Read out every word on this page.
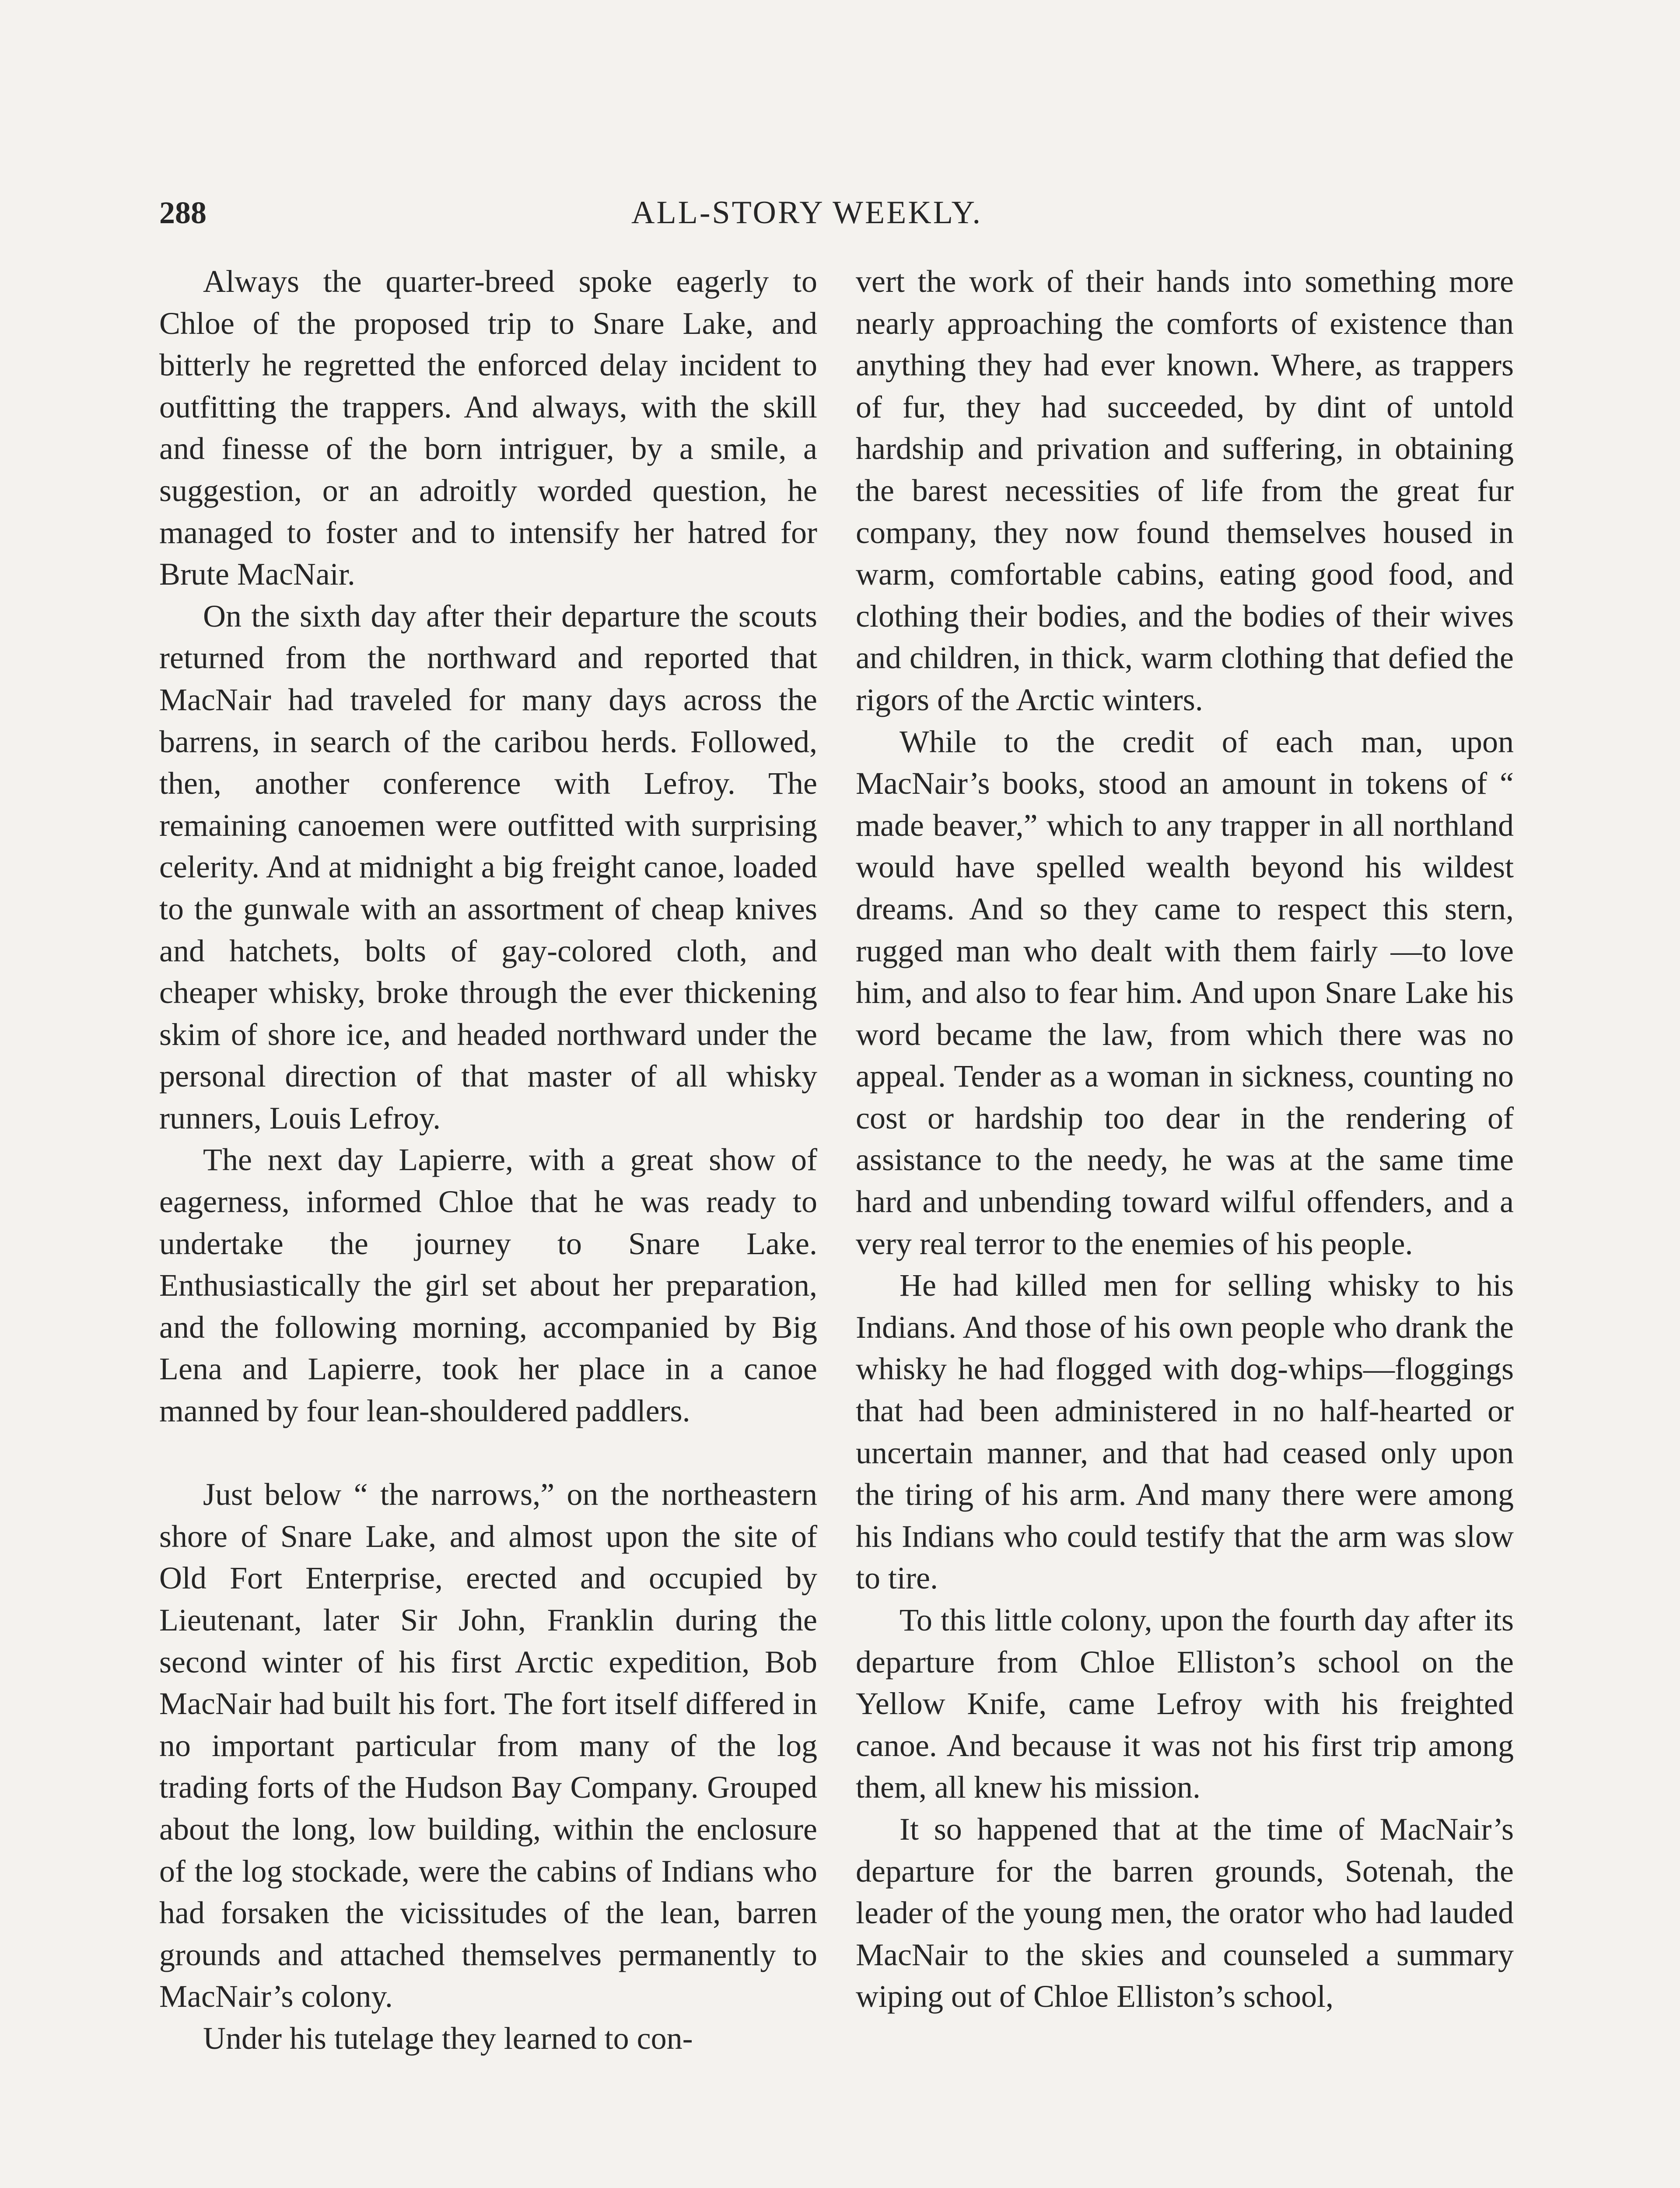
288	ALL-STORY WEEKLY.

Always the quarter-breed spoke eagerly to Chloe of the proposed trip to Snare Lake, and bitterly he regretted the enforced delay incident to outfitting the trappers. And always, with the skill and finesse of the born intriguer, by a smile, a suggestion, or an adroitly worded question, he managed to foster and to intensify her hatred for Brute MacNair.

On the sixth day after their departure the scouts returned from the northward and reported that MacNair had traveled for many days across the barrens, in search of the caribou herds. Followed, then, another conference with Lefroy. The remaining canoemen were outfitted with surprising celerity. And at midnight a big freight canoe, loaded to the gunwale with an assortment of cheap knives and hatchets, bolts of gay-colored cloth, and cheaper whisky, broke through the ever thickening skim of shore ice, and headed northward under the personal direction of that master of all whisky runners, Louis Lefroy.

The next day Lapierre, with a great show of eagerness, informed Chloe that he was ready to undertake the journey to Snare Lake. Enthusiastically the girl set about her preparation, and the following morning, accompanied by Big Lena and Lapierre, took her place in a canoe manned by four lean-shouldered paddlers.

Just below “ the narrows,” on the northeastern shore of Snare Lake, and almost upon the site of Old Fort Enterprise, erected and occupied by Lieutenant, later Sir John, Franklin during the second winter of his first Arctic expedition, Bob MacNair had built his fort. The fort itself differed in no important particular from many of the log trading forts of the Hudson Bay Company. Grouped about the long, low building, within the enclosure of the log stockade, were the cabins of Indians who had forsaken the vicissitudes of the lean, barren grounds and attached themselves permanently to MacNair’s colony.

Under his tutelage they learned to con-

vert the work of their hands into something more nearly approaching the comforts of existence than anything they had ever known. Where, as trappers of fur, they had succeeded, by dint of untold hardship and privation and suffering, in obtaining the barest necessities of life from the great fur company, they now found themselves housed in warm, comfortable cabins, eating good food, and clothing their bodies, and the bodies of their wives and children, in thick, warm clothing that defied the rigors of the Arctic winters.

While to the credit of each man, upon MacNair’s books, stood an amount in tokens of “ made beaver,” which to any trapper in all northland would have spelled wealth beyond his wildest dreams. And so they came to respect this stern, rugged man who dealt with them fairly —to love him, and also to fear him. And upon Snare Lake his word became the law, from which there was no appeal. Tender as a woman in sickness, counting no cost or hardship too dear in the rendering of assistance to the needy, he was at the same time hard and unbending toward wilful offenders, and a very real terror to the enemies of his people.

He had killed men for selling whisky to his Indians. And those of his own people who drank the whisky he had flogged with dog-whips—floggings that had been administered in no half-hearted or uncertain manner, and that had ceased only upon the tiring of his arm. And many there were among his Indians who could testify that the arm was slow to tire.

To this little colony, upon the fourth day after its departure from Chloe Elliston’s school on the Yellow Knife, came Lefroy with his freighted canoe. And because it was not his first trip among them, all knew his mission.

It so happened that at the time of MacNair’s departure for the barren grounds, Sotenah, the leader of the young men, the orator who had lauded MacNair to the skies and counseled a summary wiping out of Chloe Elliston’s school,
